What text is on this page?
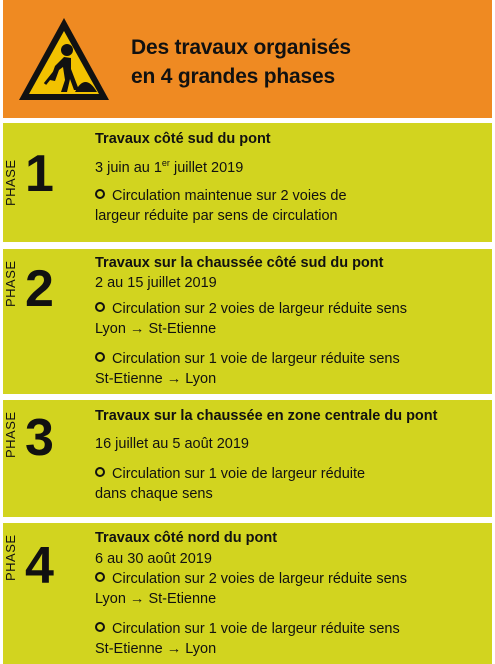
Des travaux organisés
en 4 grandes phases
PHASE 1
Travaux côté sud du pont
3 juin au 1er juillet 2019
Circulation maintenue sur 2 voies de
largeur réduite par sens de circulation
PHASE 2	Travaux sur la chaussée côté sud du pont
2 au 15 juillet 2019
Circulation sur 2 voies de largeur réduite sens
Lyon → St-Etienne
Circulation sur 1 voie de largeur réduite sens
St-Etienne → Lyon
PHASE 3	Travaux sur la chaussée en zone centrale du pont
16 juillet au 5 août 2019
Circulation sur 1 voie de largeur réduite
dans chaque sens
PHASE 4	Travaux côté nord du pont
6 au 30 août 2019
Circulation sur 2 voies de largeur réduite sens
Lyon → St-Etienne
Circulation sur 1 voie de largeur réduite sens
St-Etienne → Lyon
